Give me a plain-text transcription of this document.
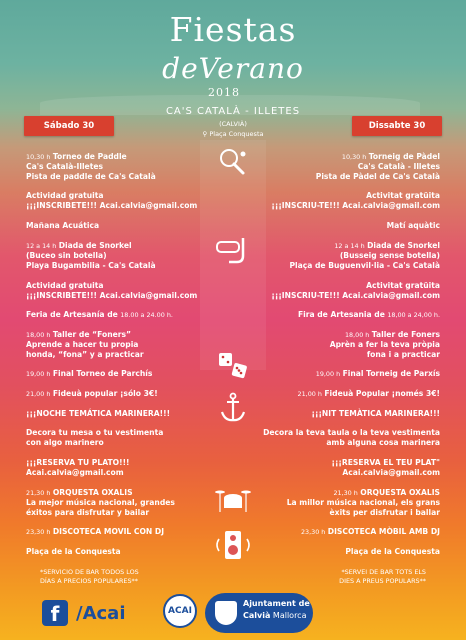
Fiestas
deVerano
2018
CA'S CATALÀ - ILLETES
(CALVIÀ)
⚲ Plaça Conquesta
Sábado 30	Dissabte 30
10,30 h Torneo de Paddle
Ca's Català-Illetes
Pista de paddle de Ca's Català
Actividad gratuita
¡¡¡INSCRIBETE!!! Acai.calvia@gmail.com
Mañana Acuática
12 a 14 h Diada de Snorkel
(Buceo sin botella)
Playa Bugambilia - Ca's Català
Actividad gratuita
¡¡¡INSCRIBETE!!! Acai.calvia@gmail.com
Feria de Artesanía de 18.00 a 24.00 h.
18,00 h Taller de “Foners”
Aprende a hacer tu propia
honda, “fona” y a practicar
19,00 h Final Torneo de Parchís
21,00 h Fideuà popular ¡sólo 3€!
¡¡¡NOCHE TEMÁTICA MARINERA!!!
Decora tu mesa o tu vestimenta
con algo marinero
¡¡¡RESERVA TU PLATO!!!
Acai.calvia@gmail.com
21,30 h ORQUESTA OXALIS
La mejor música nacional, grandes
éxitos para disfrutar y bailar
23,30 h DISCOTECA MOVIL CON DJ
Plaça de la Conquesta
*SERVICIO DE BAR TODOS LOS
DÍAS A PRECIOS POPULARES**
10,30 h Torneig de Pàdel
Ca's Català - Illetes
Pista de Pàdel de Ca's Català
Activitat gratüita
¡¡¡INSCRIU-TE!!! Acai.calvia@gmail.com
Matí aquàtic
12 a 14 h Diada de Snorkel
(Busseig sense botella)
Plaça de Buguenvil·lia - Ca's Català
Activitat gratüita
¡¡¡INSCRIU-TE!!! Acai.calvia@gmail.com
Fira de Artesania de 18,00 a 24,00 h.
18,00 h Taller de Foners
Aprèn a fer la teva pròpia
fona i a practicar
19,00 h Final Torneig de Parxís
21,00 h Fideuà Popular ¡només 3€!
¡¡¡NIT TEMÀTICA MARINERA!!!
Decora la teva taula o la teva vestimenta
amb alguna cosa marinera
¡¡¡RESERVA EL TEU PLAT"
Acai.calvia@gmail.com
21,30 h ORQUESTA OXALIS
La millor música nacional, els grans
èxits per disfrutar i ballar
23,30 h DISCOTECA MÒBIL AMB DJ
Plaça de la Conquesta
*SERVEI DE BAR TOTS ELS
DIES A PREUS POPULARS**
f /Acai	ACAI
Ajuntament de
Calvià Mallorca
